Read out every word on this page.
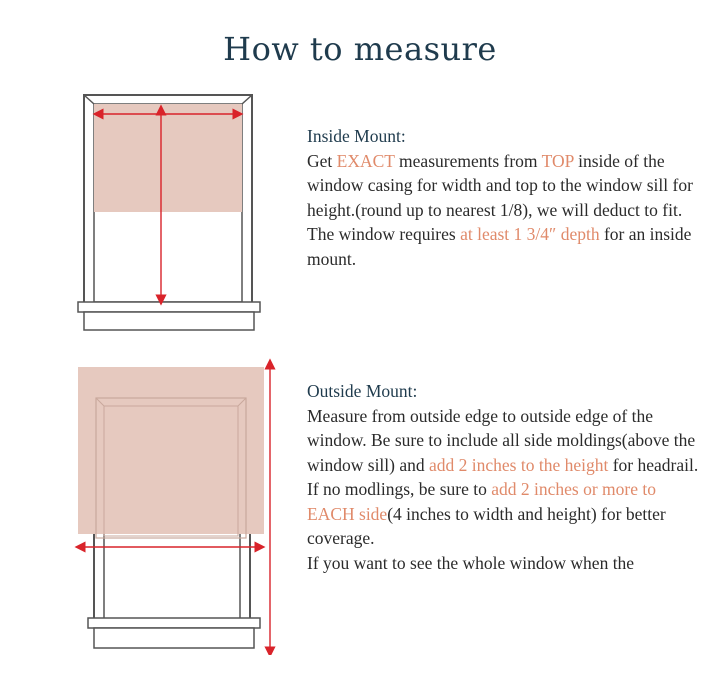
How to measure
Inside Mount:
Get EXACT measurements from TOP inside of the window casing for width and top to the window sill for height.(round up to nearest 1/8), we will deduct to fit. The window requires at least 1 3/4″ depth for an inside mount.
Outside Mount:
Measure from outside edge to outside edge of the window. Be sure to include all side moldings(above the window sill) and add 2 inches to the height for headrail. If no modlings, be sure to add 2 inches or more to EACH side(4 inches to width and height) for better coverage.
If you want to see the whole window when the
